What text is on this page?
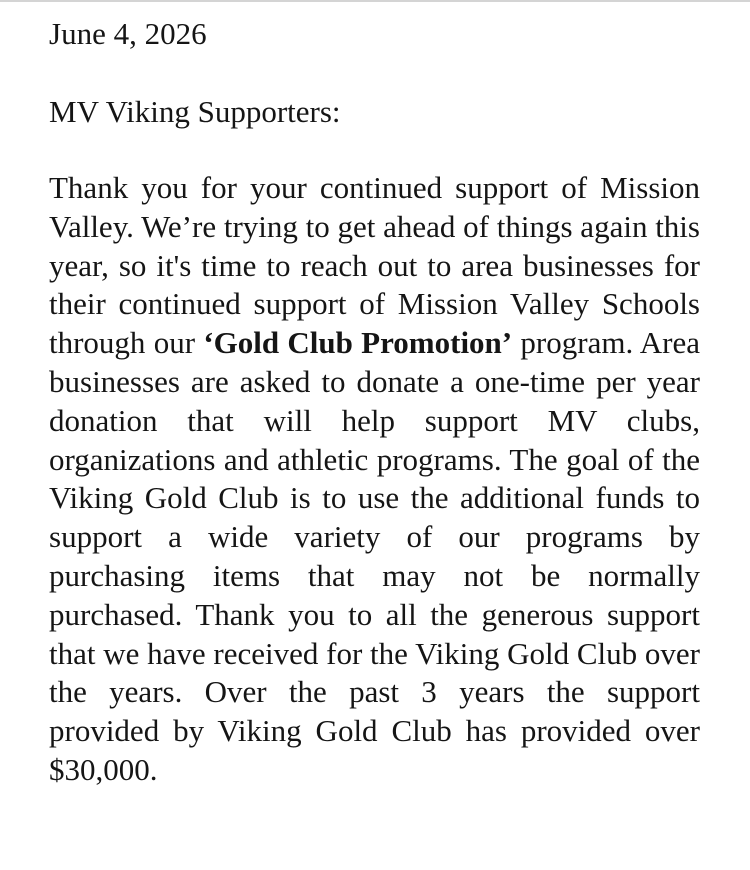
June 4, 2026

MV Viking Supporters:

Thank you for your continued support of Mission Valley. We’re trying to get ahead of things again this year, so it's time to reach out to area businesses for their continued support of Mission Valley Schools through our ‘Gold Club Promotion’ program. Area businesses are asked to donate a one-time per year donation that will help support MV clubs, organizations and athletic programs. The goal of the Viking Gold Club is to use the additional funds to support a wide variety of our programs by purchasing items that may not be normally purchased. Thank you to all the generous support that we have received for the Viking Gold Club over the years. Over the past 3 years the support provided by Viking Gold Club has provided over $30,000.
